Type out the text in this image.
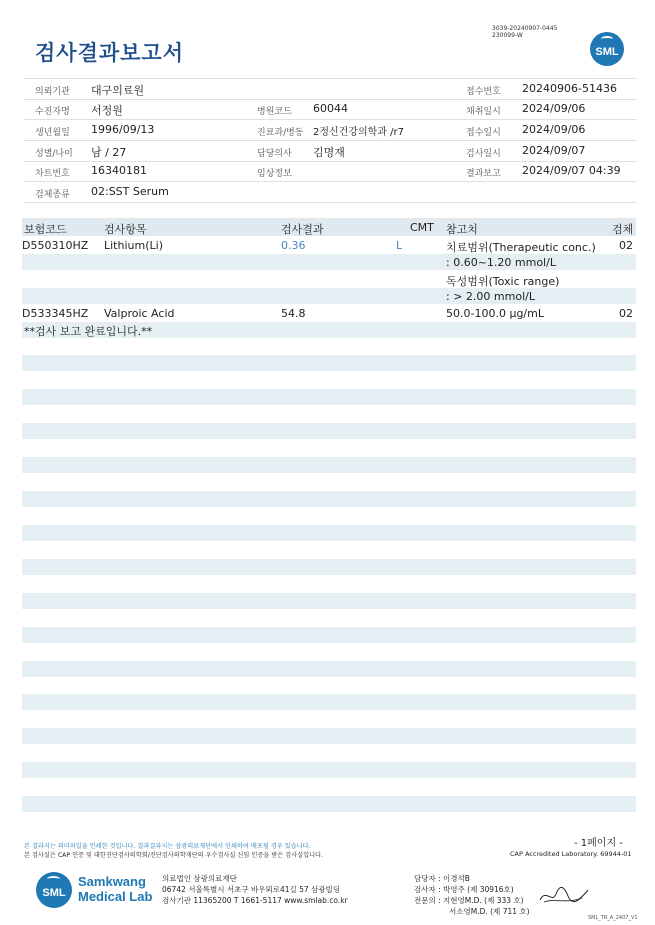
검사결과보고서
3039-20240907-0445
230099-W
SML
의뢰기관 대구의료원	접수번호 20240906-51436
수진자명 서정원	병원코드 60044	채취일시 2024/09/06
생년월일 1996/09/13	진료과/병동 2정신건강의학과 /r7	접수일시 2024/09/06
성별/나이 남 / 27	담당의사 김명재	검사일시 2024/09/07
차트번호 16340181	임상정보	결과보고 2024/09/07 04:39
검체종류 02:SST Serum
보험코드	검사항목	검사결과	CMT 참고치	검체
D550310HZ Lithium(Li)	0.36	L	치료범위(Therapeutic conc.) 02
: 0.60~1.20 mmol/L
독성범위(Toxic range)
: > 2.00 mmol/L
D533345HZ Valproic Acid	54.8	50.0-100.0 μg/mL	02
**검사 보고 완료입니다.**
본 결과지는 의미파일을 인쇄한 것입니다. 결과결과지는 삼광의료재단에서 인쇄하여 배포될 경우 있습니다.
본 검사실은 CAP 인증 및 대한진단검사의학회/진단검사의학재단의 우수검사실 신임 인증을 받은 검사실입니다.
- 1페이지 -
CAP Accredited Laboratory. 69944-01
SML
Samkwang
Medical Lab
의료법인 삼광의료재단
06742 서울특별시 서초구 바우뫼로41길 57 삼광빌딩
검사기관 11365200 T 1661-5117 www.smlab.co.kr
담당자 : 이경석B
검사자 : 박영주 (제 30916호)
전문의 : 지현영M.D. (제 333 호)
서소영M.D. (제 711 호)
SML_TR_A_2407_V1
